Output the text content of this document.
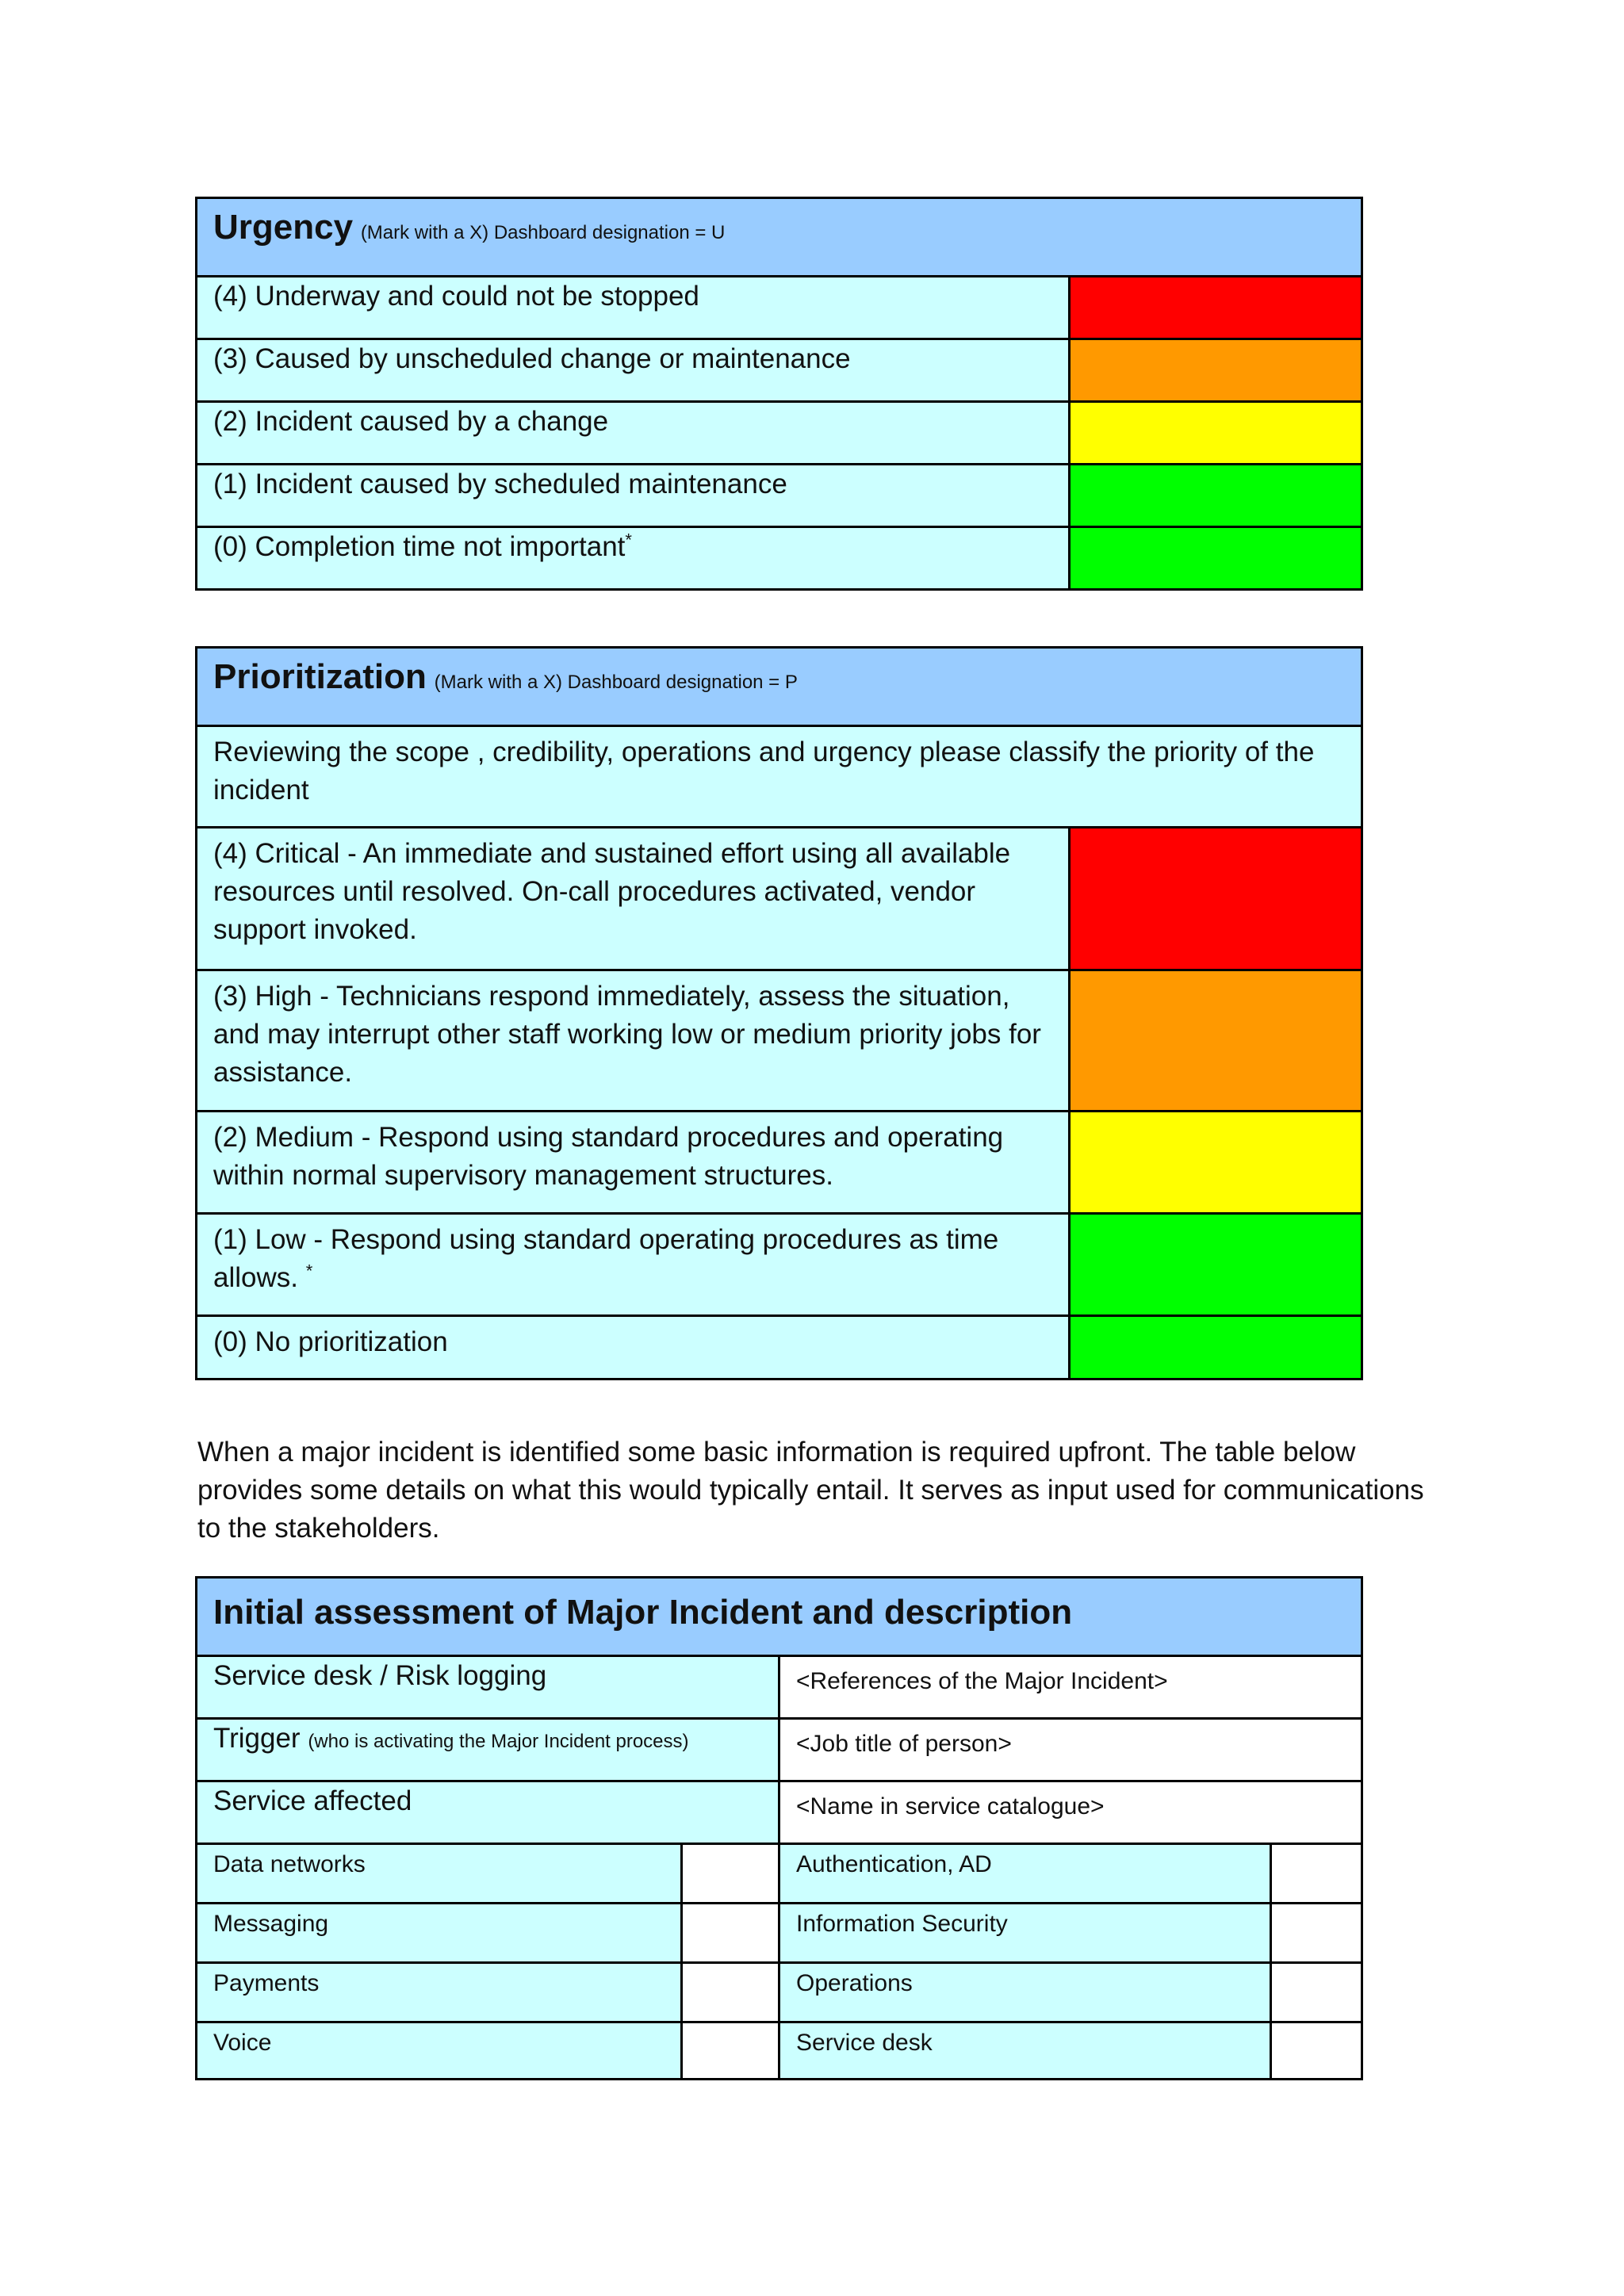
Urgency (Mark with a X) Dashboard designation = U	
(4) Underway and could not be stopped	
(3) Caused by unscheduled change or maintenance	
(2) Incident caused by a change	
(1) Incident caused by scheduled maintenance	
(0) Completion time not important*	
Prioritization (Mark with a X) Dashboard designation = P	
Reviewing the scope , credibility, operations and urgency please classify the priority of the incident	
(4) Critical - An immediate and sustained effort using all available resources until resolved. On-call procedures activated, vendor support invoked.	
(3) High - Technicians respond immediately, assess the situation, and may interrupt other staff working low or medium priority jobs for assistance.	
(2) Medium - Respond using standard procedures and operating within normal supervisory management structures.	
(1) Low - Respond using standard operating procedures as time allows. *	
(0) No prioritization	

When a major incident is identified some basic information is required upfront. The table below provides some details on what this would typically entail. It serves as input used for communications to the stakeholders.

Initial assessment of Major Incident and description			
Service desk / Risk logging		<References of the Major Incident>	
Trigger (who is activating the Major Incident process)		<Job title of person>	
Service affected		<Name in service catalogue>	
Data networks		Authentication, AD	
Messaging		Information Security	
Payments		Operations	
Voice		Service desk	
